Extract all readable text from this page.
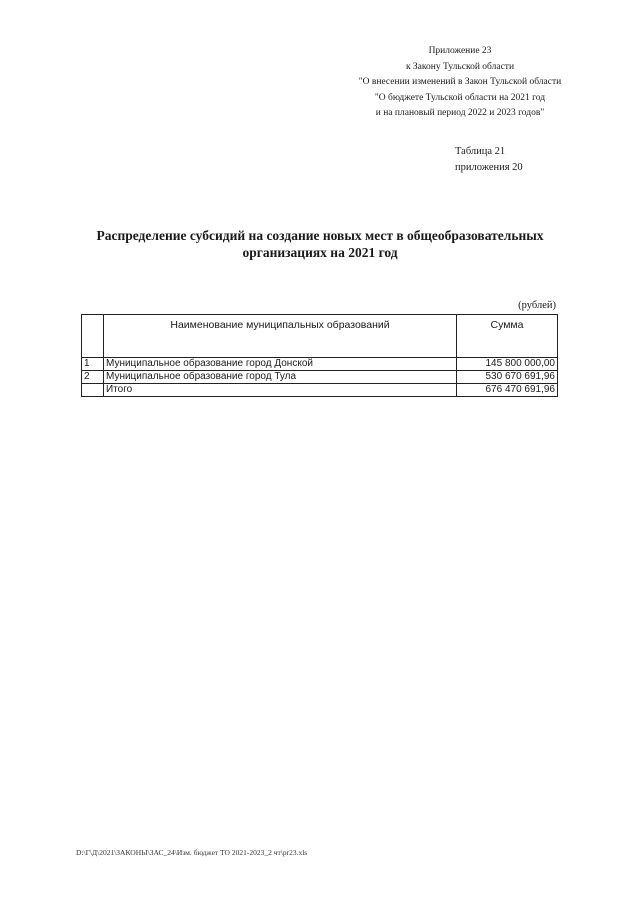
Приложение 23
к Закону Тульской области
"О внесении изменений в Закон Тульской области
"О бюджете Тульской области на 2021 год
и на плановый период 2022 и 2023 годов"
Таблица 21
приложения 20
Распределение субсидий на создание новых мест в общеобразовательных
организациях на 2021 год
(рублей)
	Наименование муниципальных образований	Сумма
1	Муниципальное образование город Донской	145 800 000,00
2	Муниципальное образование город Тула	530 670 691,96
	Итого	676 470 691,96
D:\Г\Д\2021\ЗАКОНЫ\ЗАС_24\Изм. бюджет ТО 2021-2023_2 чт\pr23.xls
